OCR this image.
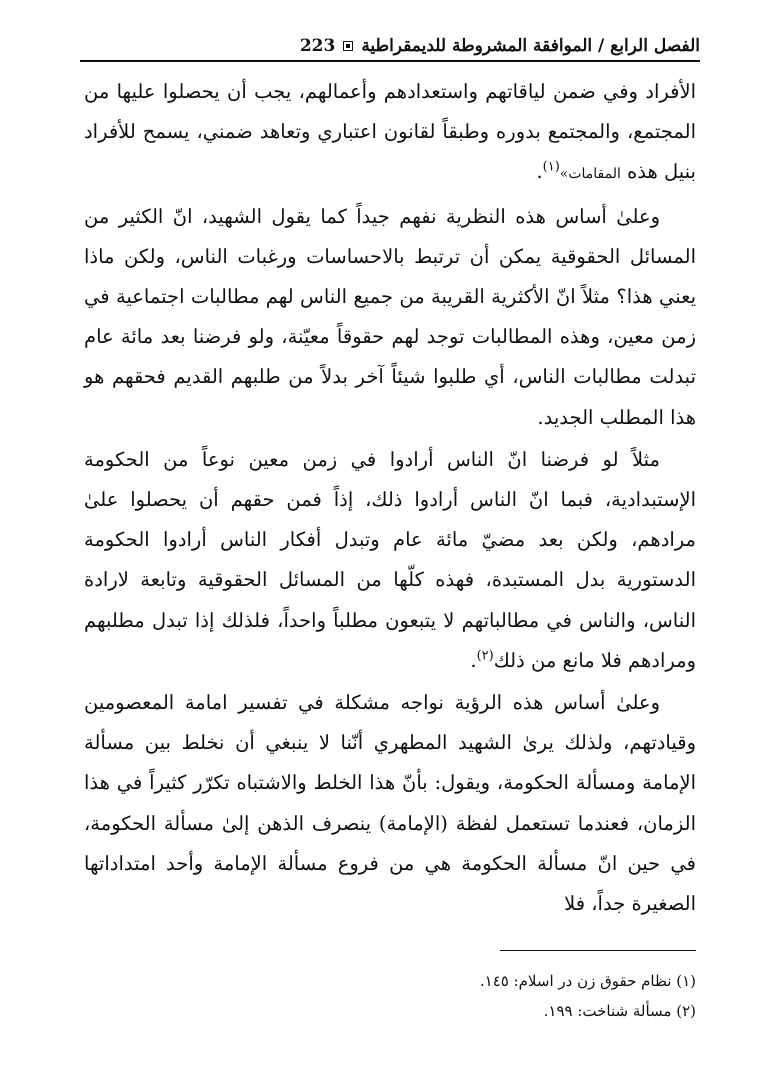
223 الفصل الرابع / الموافقة المشروطة للديمقراطية

الأفراد وفي ضمن لياقاتهم واستعدادهم وأعمالهم، يجب أن يحصلوا عليها من المجتمع، والمجتمع بدوره وطبقاً لقانون اعتباري وتعاهد ضمني، يسمح للأفراد بنيل هذه المقامات»$^{(١)}$.

وعلىٰ أساس هذه النظرية نفهم جيداً كما يقول الشهيد، انّ الكثير من المسائل الحقوقية يمكن أن ترتبط بالاحساسات ورغبات الناس، ولكن ماذا يعني هذا؟ مثلاً انّ الأكثرية القريبة من جميع الناس لهم مطالبات اجتماعية في زمن معين، وهذه المطالبات توجد لهم حقوقاً معيّنة، ولو فرضنا بعد مائة عام تبدلت مطالبات الناس، أي طلبوا شيئاً آخر بدلاً من طلبهم القديم فحقهم هو هذا المطلب الجديد.

مثلاً لو فرضنا انّ الناس أرادوا في زمن معين نوعاً من الحكومة الإستبدادية، فبما انّ الناس أرادوا ذلك، إذاً فمن حقهم أن يحصلوا علىٰ مرادهم، ولكن بعد مضيّ مائة عام وتبدل أفكار الناس أرادوا الحكومة الدستورية بدل المستبدة، فهذه كلّها من المسائل الحقوقية وتابعة لارادة الناس، والناس في مطالباتهم لا يتبعون مطلباً واحداً، فلذلك إذا تبدل مطلبهم ومرادهم فلا مانع من ذلك$^{(٢)}$.

وعلىٰ أساس هذه الرؤية نواجه مشكلة في تفسير امامة المعصومين وقيادتهم، ولذلك يرىٰ الشهيد المطهري أنّنا لا ينبغي أن نخلط بين مسألة الإمامة ومسألة الحكومة، ويقول: بأنّ هذا الخلط والاشتباه تكرّر كثيراً في هذا الزمان، فعندما تستعمل لفظة (الإمامة) ينصرف الذهن إلىٰ مسألة الحكومة، في حين انّ مسألة الحكومة هي من فروع مسألة الإمامة وأحد امتداداتها الصغيرة جداً، فلا

(١) نظام حقوق زن در اسلام: ١٤٥.
(٢) مسألة شناخت: ١٩٩.
